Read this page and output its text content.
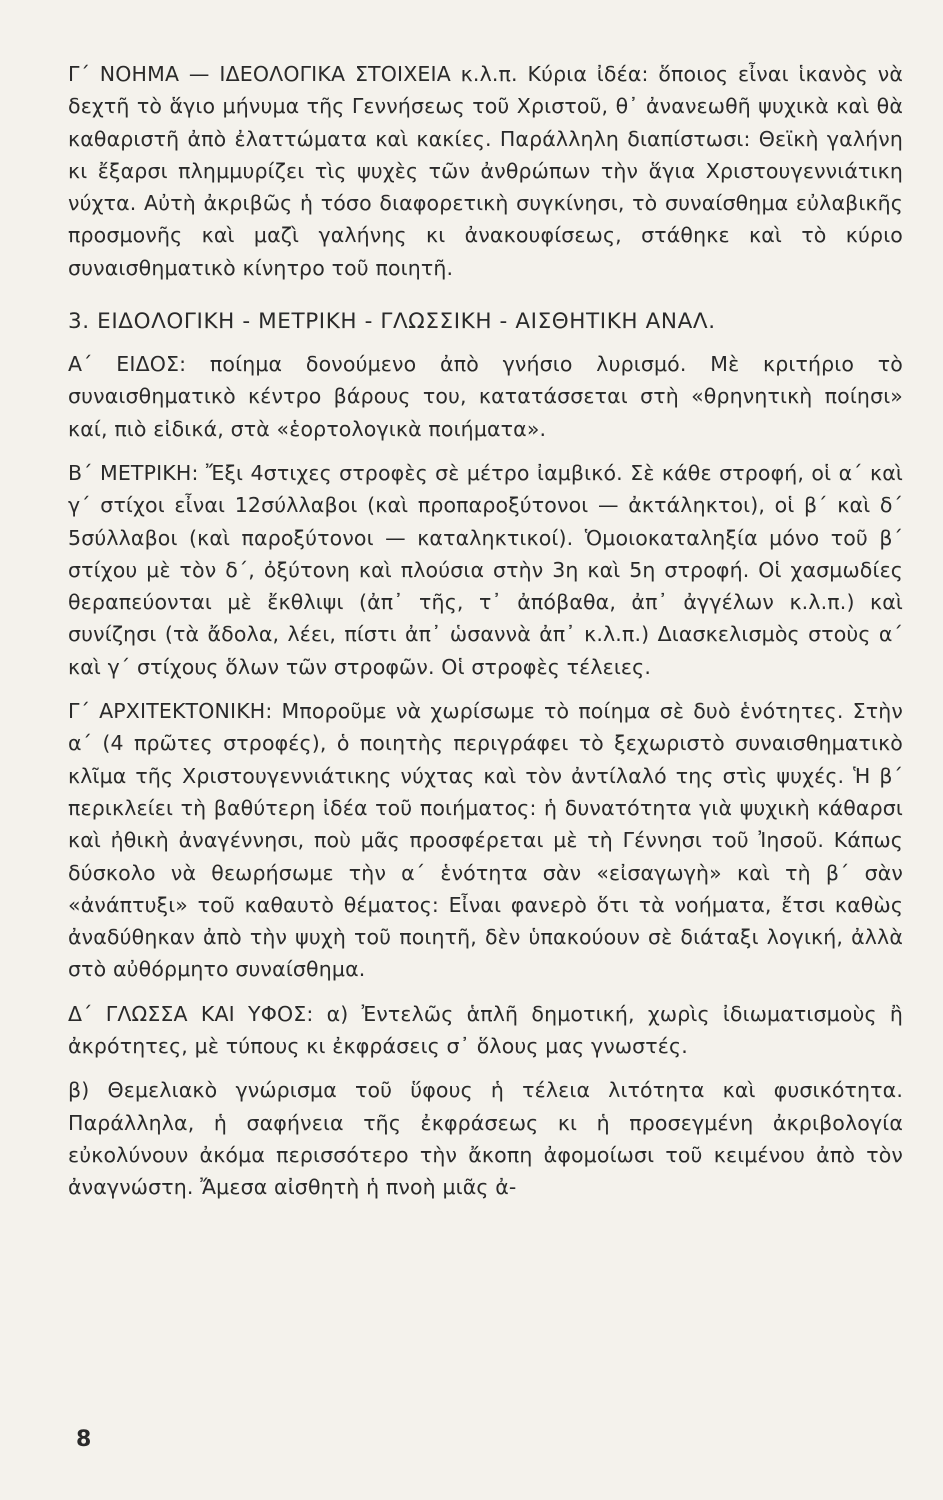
Γ΄ ΝΟΗΜΑ — ΙΔΕΟΛΟΓΙΚΑ ΣΤΟΙΧΕΙΑ κ.λ.π. Κύρια ἰδέα: ὅποιος εἶναι ἱκανὸς νὰ δεχτῆ τὸ ἅγιο μήνυμα τῆς Γεννήσεως τοῦ Χριστοῦ, θ᾽ ἀνανεωθῆ ψυχικὰ καὶ θὰ καθαριστῆ ἀπὸ ἐλαττώματα καὶ κακίες. Παράλληλη διαπίστωσι: Θεϊκὴ γαλήνη κι ἔξαρσι πλημμυρίζει τὶς ψυχὲς τῶν ἀνθρώπων τὴν ἅγια Χριστουγεννιάτικη νύχτα. Αὐτὴ ἀκριβῶς ἡ τόσο διαφορετικὴ συγκίνησι, τὸ συναίσθημα εὐλαβικῆς προσμονῆς καὶ μαζὶ γαλήνης κι ἀνακουφίσεως, στάθηκε καὶ τὸ κύριο συναισθηματικὸ κίνητρο τοῦ ποιητῆ.

3. ΕΙΔΟΛΟΓΙΚΗ - ΜΕΤΡΙΚΗ - ΓΛΩΣΣΙΚΗ - ΑΙΣΘΗΤΙΚΗ ΑΝΑΛ.

Α΄ ΕΙΔΟΣ: ποίημα δονούμενο ἀπὸ γνήσιο λυρισμό. Μὲ κριτήριο τὸ συναισθηματικὸ κέντρο βάρους του, κατατάσσεται στὴ «θρηνητικὴ ποίησι» καί, πιὸ εἰδικά, στὰ «ἑορτολογικὰ ποιήματα».

Β΄ ΜΕΤΡΙΚΗ: Ἔξι 4στιχες στροφὲς σὲ μέτρο ἰαμβικό. Σὲ κάθε στροφή, οἱ α΄ καὶ γ΄ στίχοι εἶναι 12σύλλαβοι (καὶ προπαροξύτονοι — ἀκτάληκτοι), οἱ β΄ καὶ δ΄ 5σύλλαβοι (καὶ παροξύτονοι — καταληκτικοί). Ὁμοιοκαταληξία μόνο τοῦ β΄ στίχου μὲ τὸν δ΄, ὀξύτονη καὶ πλούσια στὴν 3η καὶ 5η στροφή. Οἱ χασμωδίες θεραπεύονται μὲ ἔκθλιψι (ἀπ᾽ τῆς, τ᾽ ἀπόβαθα, ἀπ᾽ ἀγγέλων κ.λ.π.) καὶ συνίζησι (τὰ ἄδολα, λέει, πίστι ἀπ᾽ ὡσαννὰ ἀπ᾽ κ.λ.π.) Διασκελισμὸς στοὺς α΄ καὶ γ΄ στίχους ὅλων τῶν στροφῶν. Οἱ στροφὲς τέλειες.

Γ΄ ΑΡΧΙΤΕΚΤΟΝΙΚΗ: Μποροῦμε νὰ χωρίσωμε τὸ ποίημα σὲ δυὸ ἑνότητες. Στὴν α΄ (4 πρῶτες στροφές), ὁ ποιητὴς περιγράφει τὸ ξεχωριστὸ συναισθηματικὸ κλῖμα τῆς Χριστουγεννιάτικης νύχτας καὶ τὸν ἀντίλαλό της στὶς ψυχές. Ἡ β΄ περικλείει τὴ βαθύτερη ἰδέα τοῦ ποιήματος: ἡ δυνατότητα γιὰ ψυχικὴ κάθαρσι καὶ ἠθικὴ ἀναγέννησι, ποὺ μᾶς προσφέρεται μὲ τὴ Γέννησι τοῦ Ἰησοῦ. Κάπως δύσκολο νὰ θεωρήσωμε τὴν α΄ ἑνότητα σὰν «εἰσαγωγὴ» καὶ τὴ β΄ σὰν «ἀνάπτυξι» τοῦ καθαυτὸ θέματος: Εἶναι φανερὸ ὅτι τὰ νοήματα, ἔτσι καθὼς ἀναδύθηκαν ἀπὸ τὴν ψυχὴ τοῦ ποιητῆ, δὲν ὑπακούουν σὲ διάταξι λογική, ἀλλὰ στὸ αὐθόρμητο συναίσθημα.

Δ΄ ΓΛΩΣΣΑ ΚΑΙ ΥΦΟΣ: α) Ἐντελῶς ἁπλῆ δημοτική, χωρὶς ἰδιωματισμοὺς ἢ ἀκρότητες, μὲ τύπους κι ἐκφράσεις σ᾽ ὅλους μας γνωστές.

β) Θεμελιακὸ γνώρισμα τοῦ ὕφους ἡ τέλεια λιτότητα καὶ φυσικότητα. Παράλληλα, ἡ σαφήνεια τῆς ἐκφράσεως κι ἡ προσεγμένη ἀκριβολογία εὐκολύνουν ἀκόμα περισσότερο τὴν ἄκοπη ἀφομοίωσι τοῦ κειμένου ἀπὸ τὸν ἀναγνώστη. Ἄμεσα αἰσθητὴ ἡ πνοὴ μιᾶς ἀ-

8
